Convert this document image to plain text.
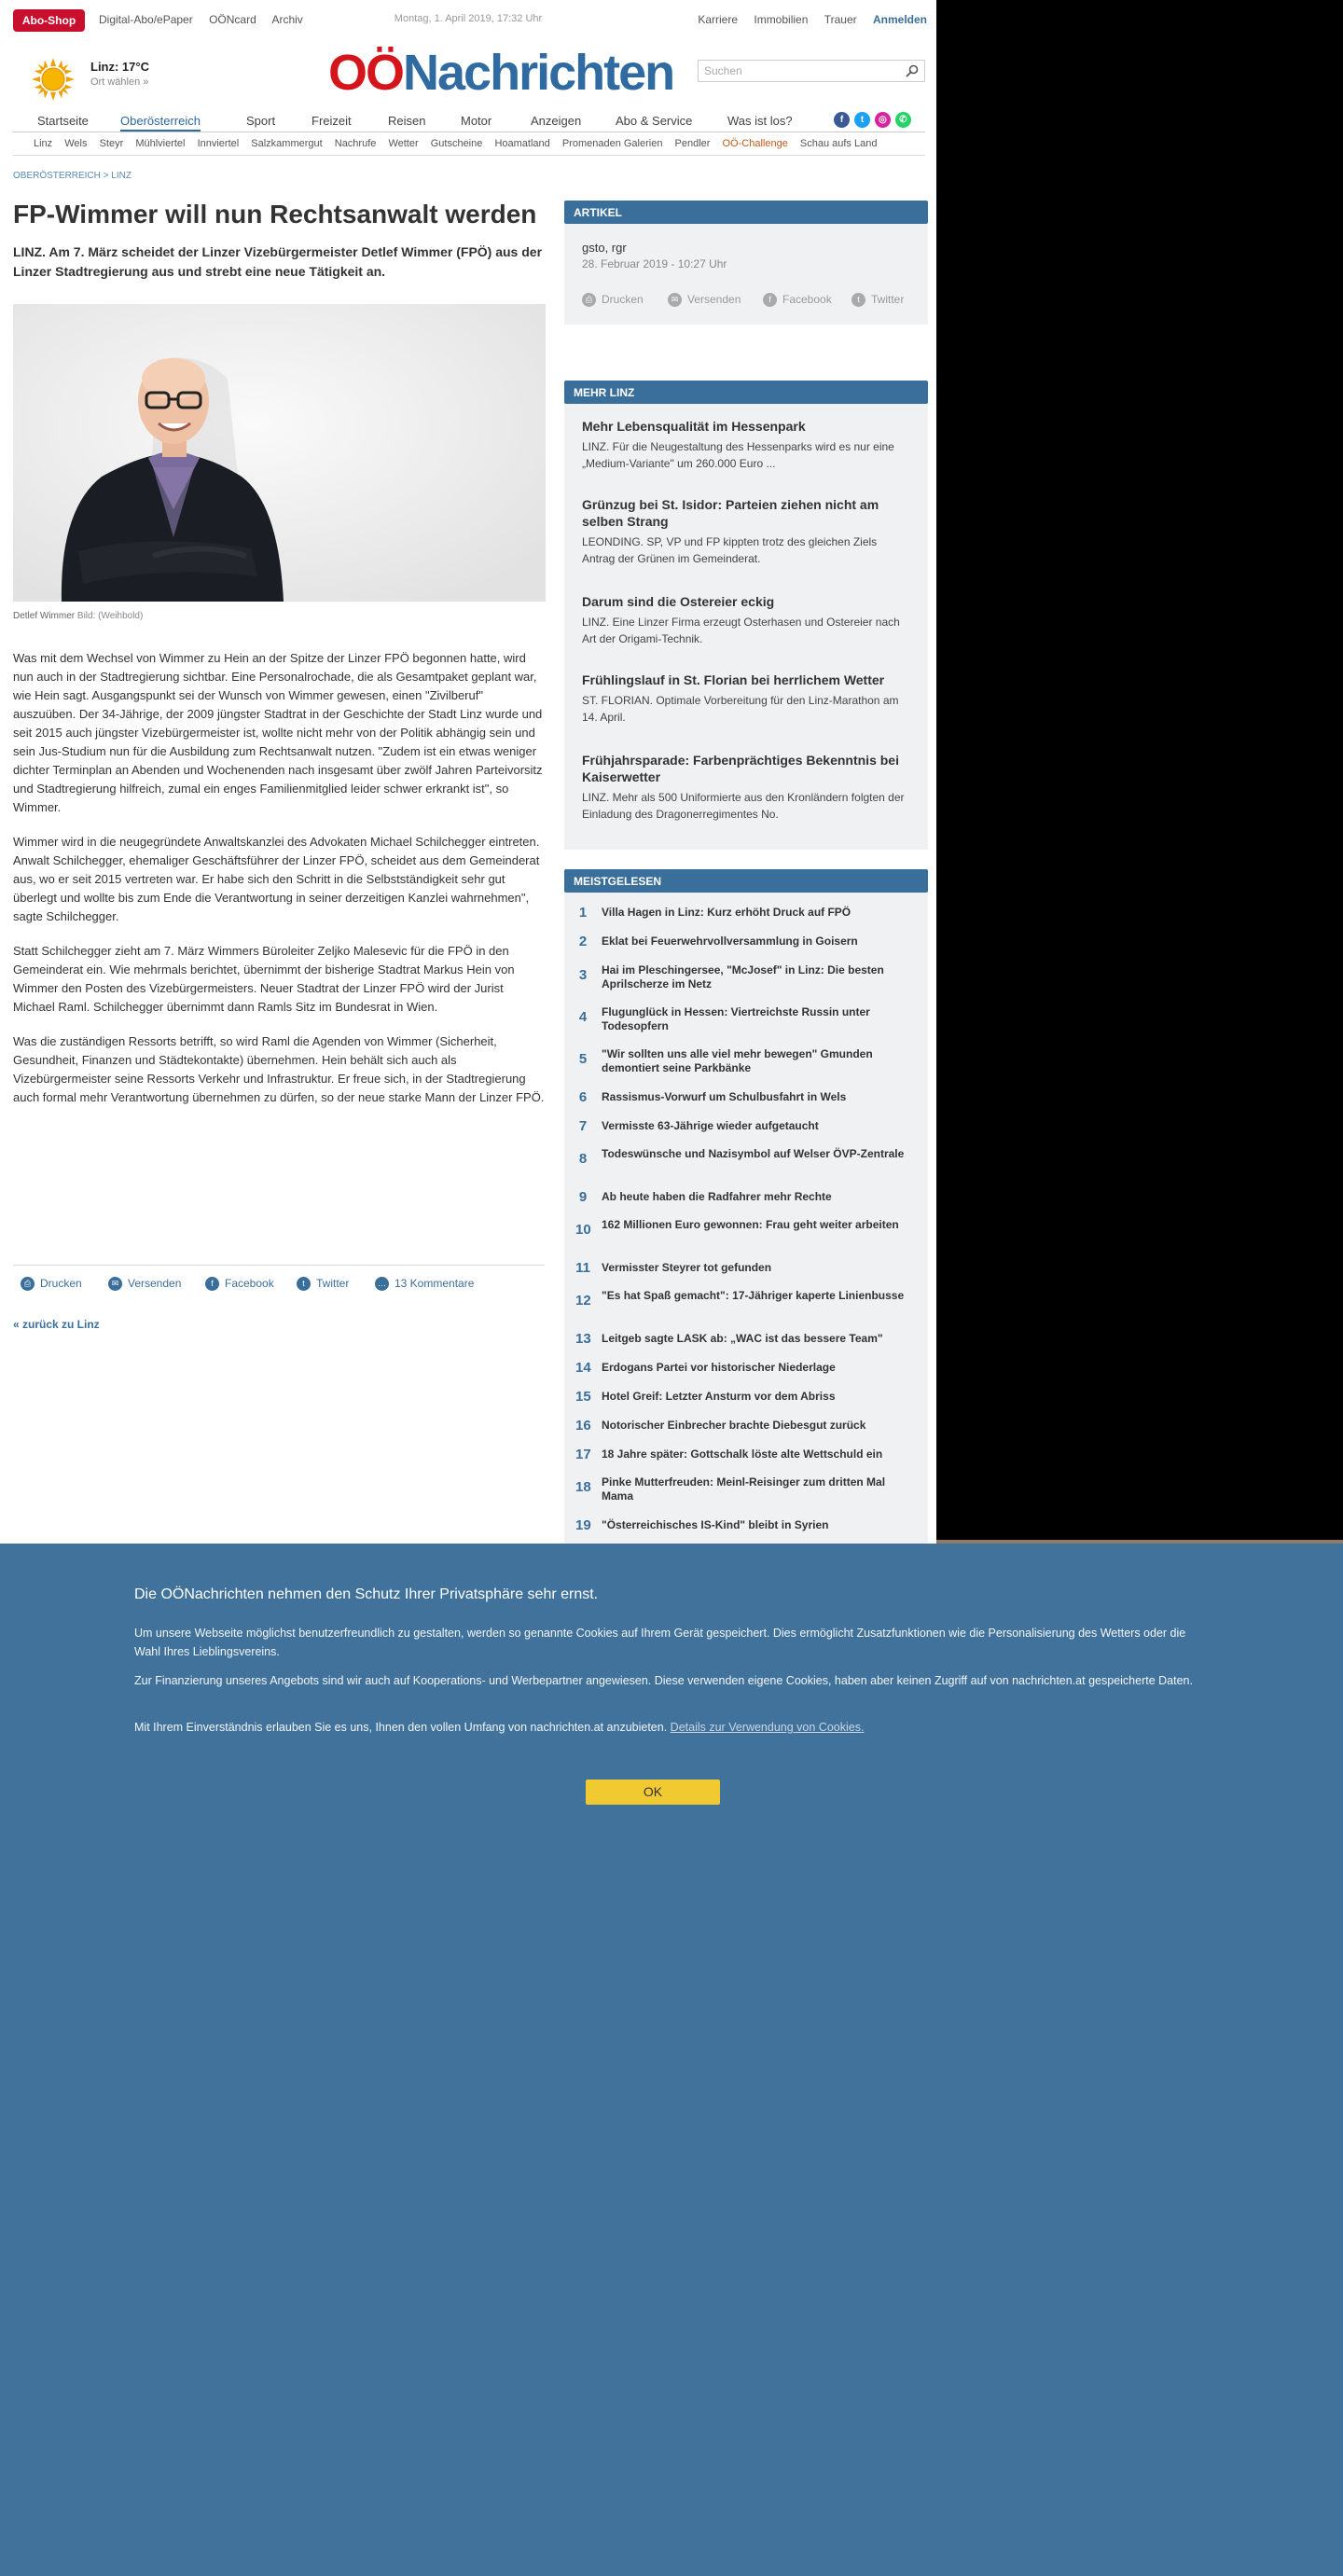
Abo-Shop	Digital-Abo/ePaper OÖNcard Archiv	Montag, 1. April 2019, 17:32 Uhr	Karriere Immobilien Trauer Anmelden
Linz: 17°C
Ort wählen »	OÖNachrichten	Suchen
Startseite	Oberösterreich	Sport	Freizeit	Reisen	Motor	Anzeigen	Abo & Service	Was ist los?	f	t	◎	✆
Linz Wels Steyr Mühlviertel Innviertel Salzkammergut Nachrufe Wetter Gutscheine Hoamatland Promenaden Galerien Pendler OÖ-Challenge Schau aufs Land
OBERÖSTERREICH > LINZ
FP-Wimmer will nun Rechtsanwalt werden
LINZ. Am 7. März scheidet der Linzer Vizebürgermeister Detlef Wimmer (FPÖ) aus der Linzer Stadtregierung aus und strebt eine neue Tätigkeit an.
Detlef Wimmer Bild: (Weihbold)

Was mit dem Wechsel von Wimmer zu Hein an der Spitze der Linzer FPÖ begonnen hatte, wird nun auch in der Stadtregierung sichtbar. Eine Personalrochade, die als Gesamtpaket geplant war, wie Hein sagt. Ausgangspunkt sei der Wunsch von Wimmer gewesen, einen "Zivilberuf" auszuüben. Der 34-Jährige, der 2009 jüngster Stadtrat in der Geschichte der Stadt Linz wurde und seit 2015 auch jüngster Vizebürgermeister ist, wollte nicht mehr von der Politik abhängig sein und sein Jus-Studium nun für die Ausbildung zum Rechtsanwalt nutzen. "Zudem ist ein etwas weniger dichter Terminplan an Abenden und Wochenenden nach insgesamt über zwölf Jahren Parteivorsitz und Stadtregierung hilfreich, zumal ein enges Familienmitglied leider schwer erkrankt ist", so Wimmer.

Wimmer wird in die neugegründete Anwaltskanzlei des Advokaten Michael Schilchegger eintreten. Anwalt Schilchegger, ehemaliger Geschäftsführer der Linzer FPÖ, scheidet aus dem Gemeinderat aus, wo er seit 2015 vertreten war. Er habe sich den Schritt in die Selbstständigkeit sehr gut überlegt und wollte bis zum Ende die Verantwortung in seiner derzeitigen Kanzlei wahrnehmen", sagte Schilchegger.

Statt Schilchegger zieht am 7. März Wimmers Büroleiter Zeljko Malesevic für die FPÖ in den Gemeinderat ein. Wie mehrmals berichtet, übernimmt der bisherige Stadtrat Markus Hein von Wimmer den Posten des Vizebürgermeisters. Neuer Stadtrat der Linzer FPÖ wird der Jurist Michael Raml. Schilchegger übernimmt dann Ramls Sitz im Bundesrat in Wien.

Was die zuständigen Ressorts betrifft, so wird Raml die Agenden von Wimmer (Sicherheit, Gesundheit, Finanzen und Städtekontakte) übernehmen. Hein behält sich auch als Vizebürgermeister seine Ressorts Verkehr und Infrastruktur. Er freue sich, in der Stadtregierung auch formal mehr Verantwortung übernehmen zu dürfen, so der neue starke Mann der Linzer FPÖ.

⎙ Drucken	✉ Versenden	f Facebook	t Twitter	… 13 Kommentare
« zurück zu Linz
ARTIKEL
gsto, rgr
28. Februar 2019 - 10:27 Uhr
⎙ Drucken	✉ Versenden	f Facebook	t Twitter
MEHR LINZ
Mehr Lebensqualität im Hessenpark
LINZ. Für die Neugestaltung des Hessenparks wird es nur eine „Medium-Variante" um 260.000 Euro ...
Grünzug bei St. Isidor: Parteien ziehen nicht am selben Strang
LEONDING. SP, VP und FP kippten trotz des gleichen Ziels Antrag der Grünen im Gemeinderat.
Darum sind die Ostereier eckig
LINZ. Eine Linzer Firma erzeugt Osterhasen und Ostereier nach Art der Origami-Technik.
Frühlingslauf in St. Florian bei herrlichem Wetter
ST. FLORIAN. Optimale Vorbereitung für den Linz-Marathon am 14. April.
Frühjahrsparade: Farbenprächtiges Bekenntnis bei Kaiserwetter
LINZ. Mehr als 500 Uniformierte aus den Kronländern folgten der Einladung des Dragonerregimentes No.
MEISTGELESEN
1	Villa Hagen in Linz: Kurz erhöht Druck auf FPÖ
2	Eklat bei Feuerwehrvollversammlung in Goisern
3	Hai im Pleschingersee, "McJosef" in Linz: Die besten Aprilscherze im Netz
4	Flugunglück in Hessen: Viertreichste Russin unter Todesopfern
5	"Wir sollten uns alle viel mehr bewegen" Gmunden demontiert seine Parkbänke
6	Rassismus-Vorwurf um Schulbusfahrt in Wels
7	Vermisste 63-Jährige wieder aufgetaucht
8	Todeswünsche und Nazisymbol auf Welser ÖVP-Zentrale
9	Ab heute haben die Radfahrer mehr Rechte
10 162 Millionen Euro gewonnen: Frau geht weiter arbeiten
11 Vermisster Steyrer tot gefunden
12 "Es hat Spaß gemacht": 17-Jähriger kaperte Linienbusse
13 Leitgeb sagte LASK ab: „WAC ist das bessere Team"
14 Erdogans Partei vor historischer Niederlage
15 Hotel Greif: Letzter Ansturm vor dem Abriss
16 Notorischer Einbrecher brachte Diebesgut zurück
17 18 Jahre später: Gottschalk löste alte Wettschuld ein
18 Pinke Mutterfreuden: Meinl-Reisinger zum dritten Mal Mama
19 "Österreichisches IS-Kind" bleibt in Syrien
Die OÖNachrichten nehmen den Schutz Ihrer Privatsphäre sehr ernst.
Um unsere Webseite möglichst benutzerfreundlich zu gestalten, werden so genannte Cookies auf Ihrem Gerät gespeichert. Dies ermöglicht Zusatzfunktionen wie die Personalisierung des Wetters oder die Wahl Ihres Lieblingsvereins.
Zur Finanzierung unseres Angebots sind wir auch auf Kooperations- und Werbepartner angewiesen. Diese verwenden eigene Cookies, haben aber keinen Zugriff auf von nachrichten.at gespeicherte Daten.
Mit Ihrem Einverständnis erlauben Sie es uns, Ihnen den vollen Umfang von nachrichten.at anzubieten. Details zur Verwendung von Cookies.
OK
